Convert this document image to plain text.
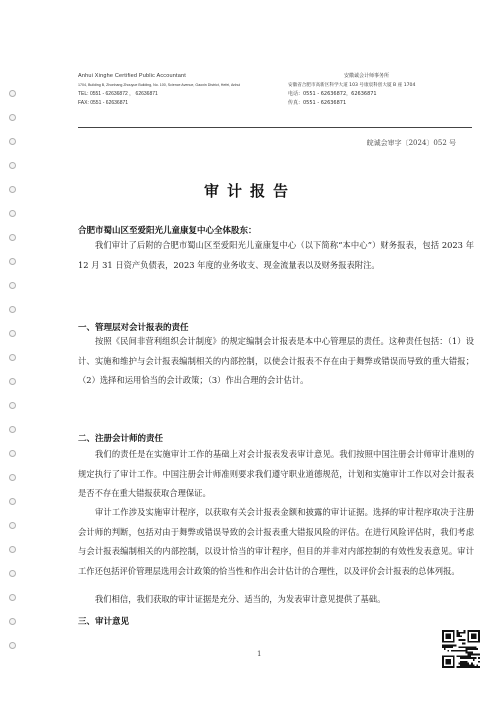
Anhui Xinghe Certified Public Accountant
1704, Building B, Zhonhang Zhouyue Building, No. 100, Science Avenue, Gaoxin District, Hefei, Anhui
TEL: 0551 - 62636872 ， 62636871
FAX: 0551 - 62636871
安徽诚会计师事务所
安徽省合肥市高新区科学大道 103 号康宸科创大厦 B 座 1704
电话：0551 - 62636872，62636871
传真：0551 - 62636871
皖诚会审字〔2024〕052 号
审计报告
合肥市蜀山区至爱阳光儿童康复中心全体股东：

我们审计了后附的合肥市蜀山区至爱阳光儿童康复中心（以下简称“本中心”）财务报表，包括 2023 年 12 月 31 日资产负债表，2023 年度的业务收支、现金流量表以及财务报表附注。

一、管理层对会计报表的责任

按照《民间非营利组织会计制度》的规定编制会计报表是本中心管理层的责任。这种责任包括：（1）设计、实施和维护与会计报表编制相关的内部控制，以使会计报表不存在由于舞弊或错误而导致的重大错报；（2）选择和运用恰当的会计政策；（3）作出合理的会计估计。

二、注册会计师的责任

我们的责任是在实施审计工作的基础上对会计报表发表审计意见。我们按照中国注册会计师审计准则的规定执行了审计工作。中国注册会计师准则要求我们遵守职业道德规范，计划和实施审计工作以对会计报表是否不存在重大错报获取合理保证。

审计工作涉及实施审计程序，以获取有关会计报表金额和披露的审计证据。选择的审计程序取决于注册会计师的判断，包括对由于舞弊或错误导致的会计报表重大错报风险的评估。在进行风险评估时，我们考虑与会计报表编制相关的内部控制，以设计恰当的审计程序，但目的并非对内部控制的有效性发表意见。审计工作还包括评价管理层选用会计政策的恰当性和作出会计估计的合理性，以及评价会计报表的总体列报。

我们相信，我们获取的审计证据是充分、适当的，为发表审计意见提供了基础。

三、审计意见
1
